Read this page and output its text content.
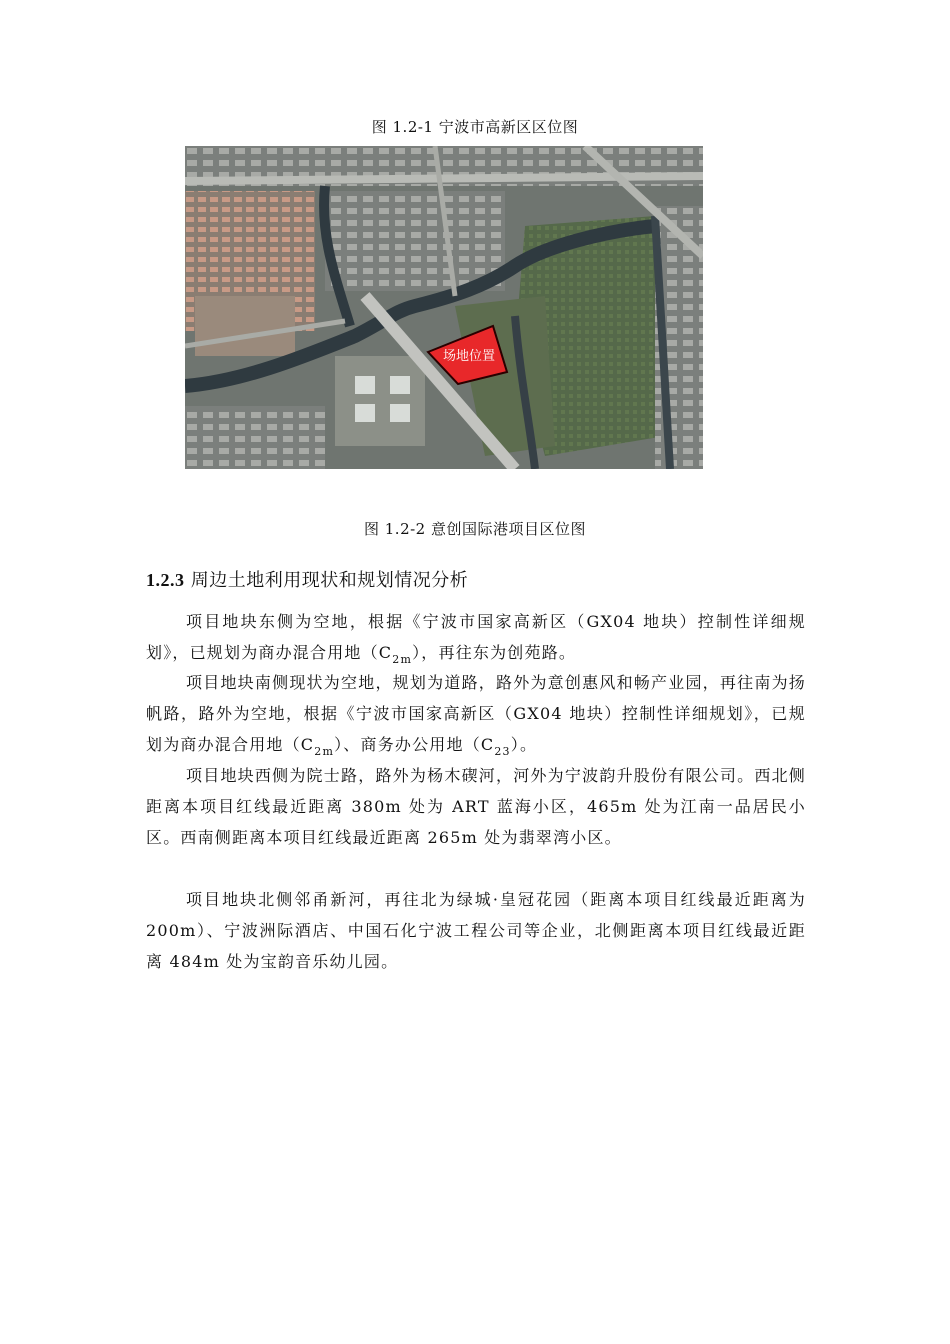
图 1.2-1 宁波市高新区区位图
场地位置
图 1.2-2 意创国际港项目区位图
1.2.3 周边土地利用现状和规划情况分析
项目地块东侧为空地，根据《宁波市国家高新区（GX04 地块）控制性详细规划》，已规划为商办混合用地$(C_{2m})$，再往东为创苑路。
项目地块南侧现状为空地，规划为道路，路外为意创惠风和畅产业园，再往南为扬帆路，路外为空地，根据《宁波市国家高新区（GX04 地块）控制性详细规划》，已规划为商办混合用地$(C_{2m})$、商务办公用地$(C_{23})$。
项目地块西侧为院士路，路外为杨木碶河，河外为宁波韵升股份有限公司。西北侧距离本项目红线最近距离 380m 处为 ART 蓝海小区，465m 处为江南一品居民小区。西南侧距离本项目红线最近距离 265m 处为翡翠湾小区。
项目地块北侧邻甬新河，再往北为绿城·皇冠花园（距离本项目红线最近距离为 200m）、宁波洲际酒店、中国石化宁波工程公司等企业，北侧距离本项目红线最近距离 484m 处为宝韵音乐幼儿园。
